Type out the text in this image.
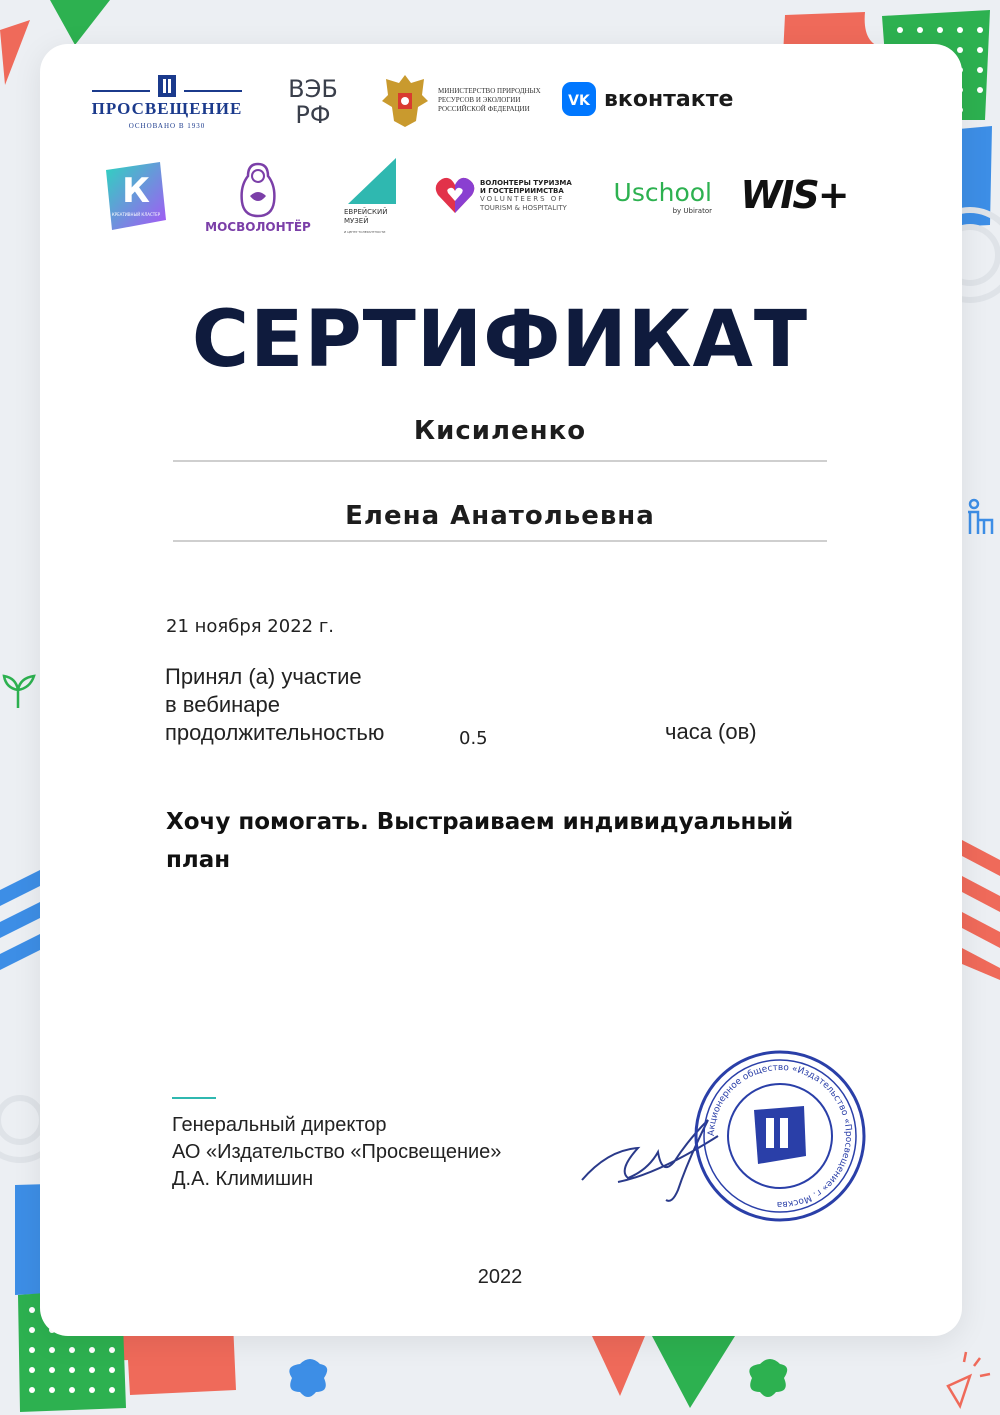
ПРОСВЕЩЕНИЕ
ОСНОВАНО В 1930
ВЭБ
РФ
МИНИСТЕРСТВО ПРИРОДНЫХ РЕСУРСОВ И ЭКОЛОГИИ РОССИЙСКОЙ ФЕДЕРАЦИИ	VK вконтакте
К
КРЕАТИВНЫЙ КЛАСТЕР
МОСВОЛОНТЁР
ЕВРЕЙСКИЙ МУЗЕЙ
И ЦЕНТР ТОЛЕРАНТНОСТИ
ВОЛОНТЕРЫ ТУРИЗМА
И ГОСТЕПРИИМСТВА
VOLUNTEERS OF
TOURISM & HOSPITALITY
Uschool
by Ubirator WIS+
СЕРТИФИКАТ
Кисиленко
Елена Анатольевна
21 ноября 2022 г.
Принял (а) участие
в вебинаре
продолжительностью	0.5	часа (ов)
Хочу помогать. Выстраиваем индивидуальный план
Генеральный директор
АО «Издательство «Просвещение»
Д.А. Климишин
Акционерное общество «Издательство «Просвещение» г. Москва
2022
